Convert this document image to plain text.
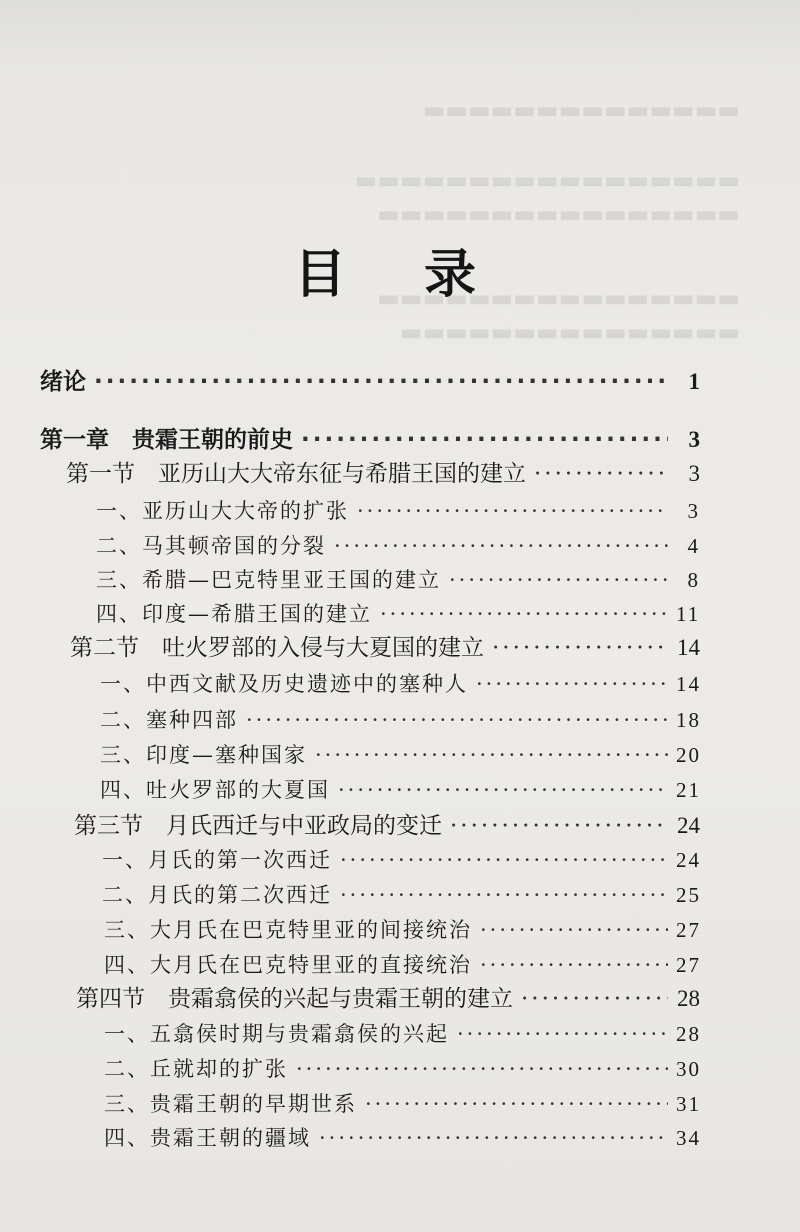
▬▬▬▬▬▬▬▬▬▬▬▬▬▬
▬▬▬▬▬▬▬▬▬▬▬▬▬▬▬▬▬
▬▬▬▬▬▬▬▬▬▬▬▬▬▬▬▬
▬▬▬▬▬▬▬▬▬▬▬▬▬▬▬▬
▬▬▬▬▬▬▬▬▬▬▬▬▬▬▬
目 录
绪论 ·····	1
第一章　贵霜王朝的前史 ·····	3
第一节　亚历山大大帝东征与希腊王国的建立 ·····	3
一、亚历山大大帝的扩张 ·····	3
二、马其顿帝国的分裂 ·····	4
三、希腊—巴克特里亚王国的建立 ·····	8
四、印度—希腊王国的建立 ·····	11
第二节　吐火罗部的入侵与大夏国的建立 ·····	14
一、中西文献及历史遗迹中的塞种人 ·····	14
二、塞种四部 ·····	18
三、印度—塞种国家 ·····	20
四、吐火罗部的大夏国 ·····	21
第三节　月氏西迁与中亚政局的变迁 ·····	24
一、月氏的第一次西迁 ·····	24
二、月氏的第二次西迁 ·····	25
三、大月氏在巴克特里亚的间接统治 ·····	27
四、大月氏在巴克特里亚的直接统治 ·····	27
第四节　贵霜翕侯的兴起与贵霜王朝的建立 ·····	28
一、五翕侯时期与贵霜翕侯的兴起 ·····	28
二、丘就却的扩张 ·····	30
三、贵霜王朝的早期世系 ·····	31
四、贵霜王朝的疆域 ·····	34
